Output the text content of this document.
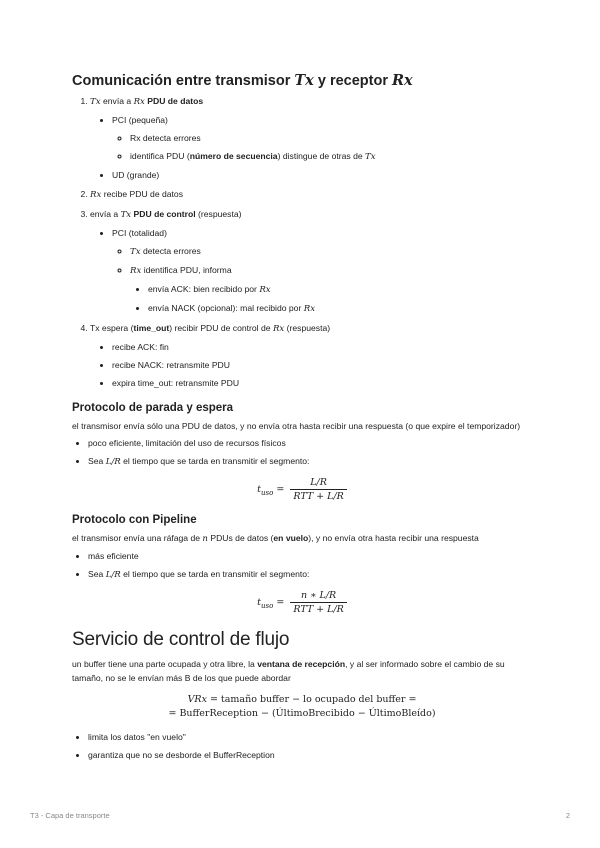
Comunicación entre transmisor Tx y receptor Rx
1. Tx envía a Rx PDU de datos
• PCI (pequeña)
◦ Rx detecta errores
◦ identifica PDU (número de secuencia) distingue de otras de Tx
• UD (grande)
2. Rx recibe PDU de datos
3. envía a Tx PDU de control (respuesta)
• PCI (totalidad)
◦ Tx detecta errores
◦ Rx identifica PDU, informa
• envía ACK: bien recibido por Rx
• envía NACK (opcional): mal recibido por Rx
4. Tx espera (time_out) recibir PDU de control de Rx (respuesta)
• recibe ACK: fin
• recibe NACK: retransmite PDU
• expira time_out: retransmite PDU
Protocolo de parada y espera

el transmisor envía sólo una PDU de datos, y no envía otra hasta recibir una respuesta (o que expire el temporizador)

• poco eficiente, limitación del uso de recursos físicos
• Sea L/R el tiempo que se tarda en transmitir el segmento:
$t_{uso} = \frac{L/R}{\text{RTT + L/R}}$
Protocolo con Pipeline

el transmisor envía una ráfaga de n PDUs de datos (en vuelo), y no envía otra hasta recibir una respuesta

• más eficiente
• Sea L/R el tiempo que se tarda en transmitir el segmento:
$t_{uso} = \frac{n ∗ L/R}{\text{RTT + L/R}}$
Servicio de control de flujo

un buffer tiene una parte ocupada y otra libre, la ventana de recepción, y al ser informado sobre el cambio de su tamaño, no se le envían más B de los que puede abordar

VRx = tamaño buffer − lo ocupado del buffer =
= BufferReception − (ÚltimoBrecibido − ÚltimoBleído)
• limita los datos "en vuelo"
• garantiza que no se desborde el BufferReception
T3 - Capa de transporte	2
